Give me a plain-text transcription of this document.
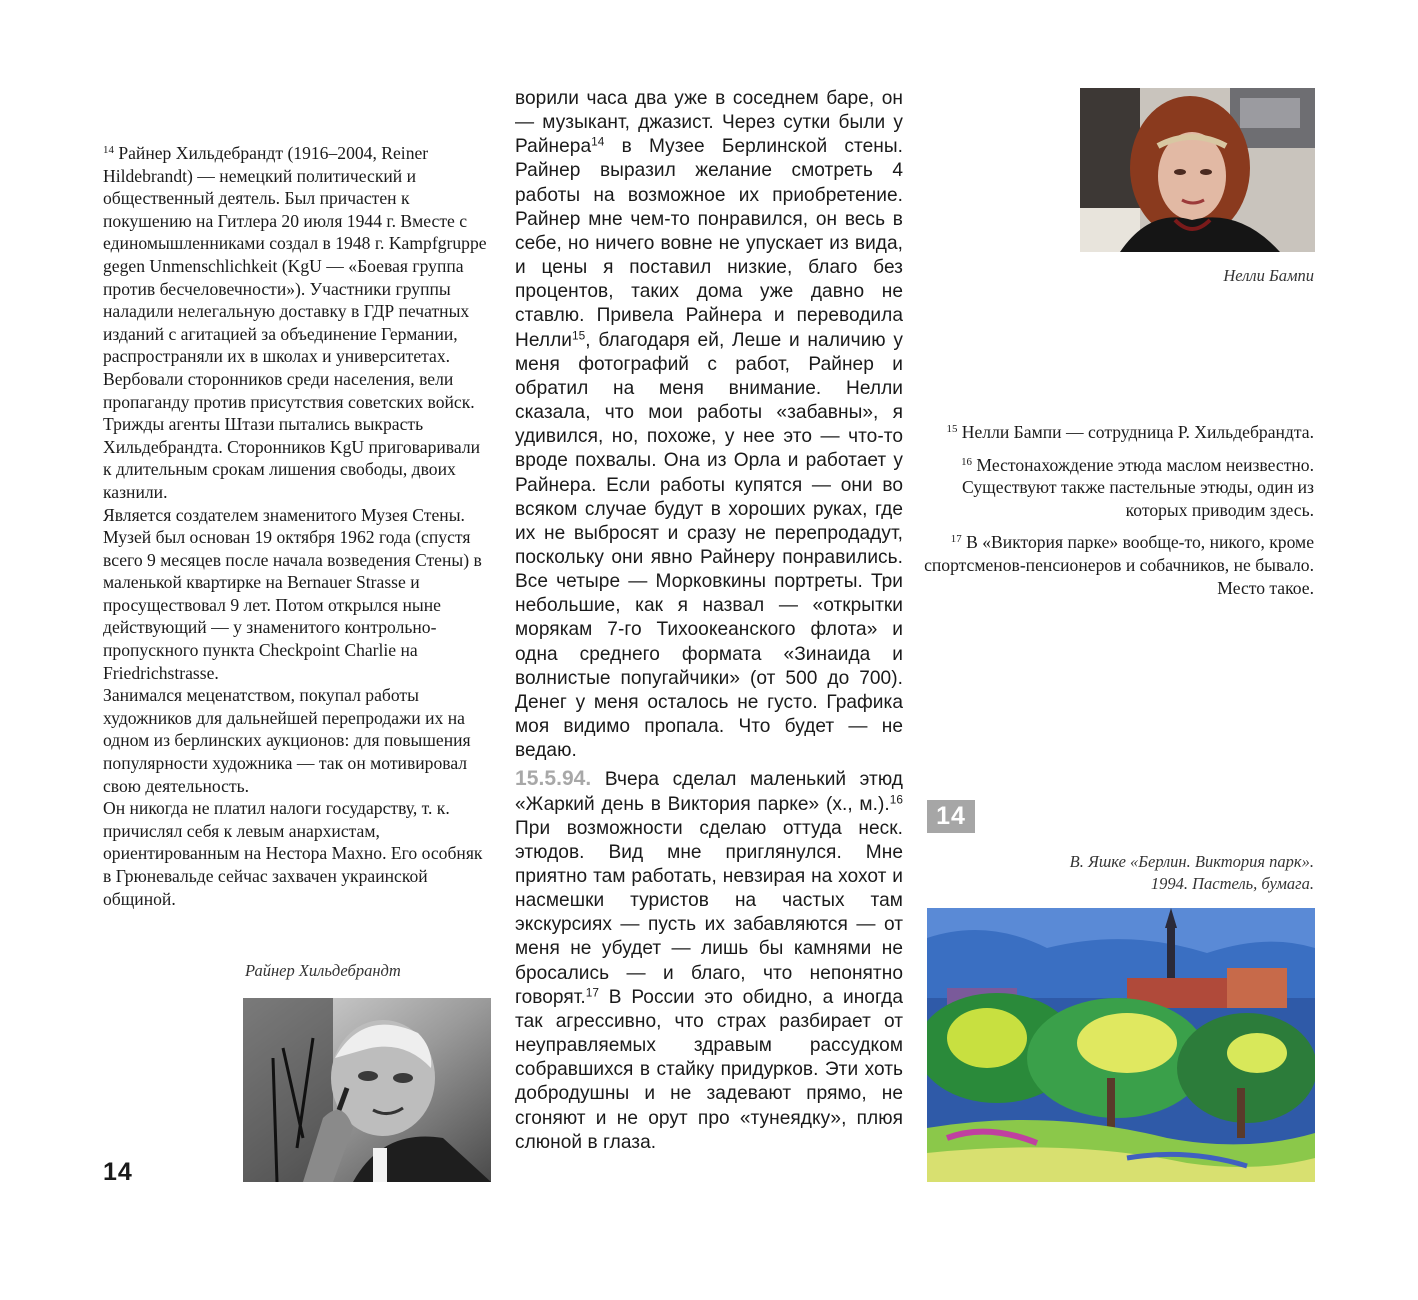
$^{14}$ Райнер Хильдебрандт (1916–2004, Reiner Hildebrandt) — немецкий политический и общественный деятель. Был причастен к покушению на Гитлера 20 июля 1944 г. Вместе с единомышленниками создал в 1948 г. Kampfgruppe gegen Unmenschlichkeit (KgU — «Боевая группа против бесчеловечности»). Участники группы наладили нелегальную доставку в ГДР печатных изданий с агитацией за объединение Германии, распространяли их в школах и университетах. Вербовали сторонников среди населения, вели пропаганду против присутствия советских войск. Трижды агенты Штази пытались выкрасть Хильдебрандта. Сторонников KgU приговаривали к длительным срокам лишения свободы, двоих казнили.
Является создателем знаменитого Музея Стены. Музей был основан 19 октября 1962 года (спустя всего 9 месяцев после начала возведения Стены) в маленькой квартирке на Bernauer Strasse и просуществовал 9 лет. Потом открылся ныне действующий — у знаменитого контрольно-пропускного пункта Checkpoint Charlie на Friedrichstrasse.
Занимался меценатством, покупал работы художников для дальнейшей перепродажи их на одном из берлинских аукционов: для повышения популярности художника — так он мотивировал свою деятельность.
Он никогда не платил налоги государству, т. к. причислял себя к левым анархистам, ориентированным на Нестора Махно. Его особняк в Грюневальде сейчас захвачен украинской общиной.
Райнер Хильдебрандт

ворили часа два уже в соседнем баре, он — музыкант, джазист. Через сутки были у Райнера$^{14}$ в Музее Берлинской стены. Райнер выразил желание смотреть 4 работы на возможное их приобретение. Райнер мне чем-то понравился, он весь в себе, но ничего вовне не упускает из вида, и цены я поставил низкие, благо без процентов, таких дома уже давно не ставлю. Привела Райнера и переводила Нелли$^{15}$, благодаря ей, Леше и наличию у меня фотографий с работ, Райнер и обратил на меня внимание. Нелли сказала, что мои работы «забавны», я удивился, но, похоже, у нее это — что-то вроде похвалы. Она из Орла и работает у Райнера. Если работы купятся — они во всяком случае будут в хороших руках, где их не выбросят и сразу не перепродадут, поскольку они явно Райнеру понравились. Все четыре — Морковкины портреты. Три небольшие, как я назвал — «открытки морякам 7-го Тихоокеанского флота» и одна среднего формата «Зинаида и волнистые попугайчики» (от 500 до 700). Денег у меня осталось не густо. Графика моя видимо пропала. Что будет — не ведаю.

15.5.94. Вчера сделал маленький этюд «Жаркий день в Виктория парке» (х., м.).$^{16}$ При возможности сделаю оттуда неск. этюдов. Вид мне приглянулся. Мне приятно там работать, невзирая на хохот и насмешки туристов на частых там экскурсиях — пусть их забавляются — от меня не убудет — лишь бы камнями не бросались — и благо, что непонятно говорят.$^{17}$ В России это обидно, а иногда так агрессивно, что страх разбирает от неуправляемых здравым рассудком собравшихся в стайку придурков. Эти хоть добродушны и не задевают прямо, не сгоняют и не орут про «тунеядку», плюя слюной в глаза.

Нелли Бампи

$^{15}$ Нелли Бампи — сотрудница Р. Хильдебрандта.

$^{16}$ Местонахождение этюда маслом неизвестно. Существуют также пастельные этюды, один из которых приводим здесь.

$^{17}$ В «Виктория парке» вообще-то, никого, кроме спортсменов-пенсионеров и собачников, не бывало. Место такое.

14
В. Яшке «Берлин. Виктория парк».
1994. Пастель, бумага.
14
